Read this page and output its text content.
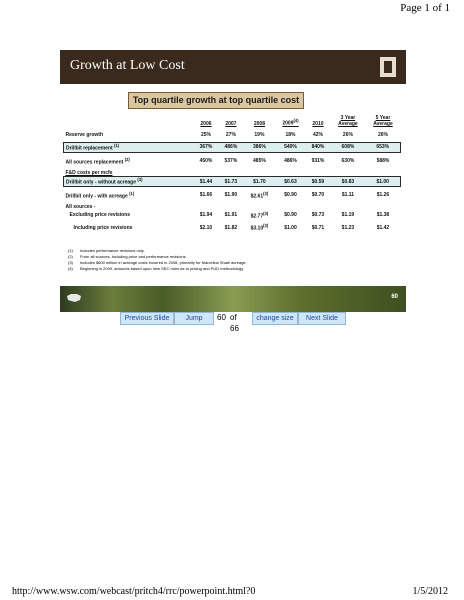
Page 1 of 1
Growth at Low Cost
Top quartile growth at top quartile cost
	2006	2007	2008	2009$^{(4)}$	2010	3 Year
Average	5 Year
Average

Reserve growth	25%	27%	19%	18%	42%	26%	26%

Drillbit replacement $^{(1)}$	367%	486%	386%	540%	840%	608%	653%

All sources replacement $^{(2)}$	450%	537%	485%	486%	931%	630%	588%

F&D costs per mcfe							
Drillbit only - without acreage $^{(3)}$	$1.44	$1.73	$1.70	$0.63	$0.59	$0.83	$1.00

Drillbit only - with acreage $^{(1)}$	$1.66	$1.90	$2.61$^{(3)}$	$0.90	$0.70	$1.11	$1.26

All sources -							
Excluding price revisions	$1.94	$1.91	$2.77$^{(3)}$	$0.90	$0.73	$1.19	$1.38

Including price revisions	$2.10	$1.82	$3.10$^{(3)}$	$1.00	$0.71	$1.23	$1.42
(1)	Includes performance revisions only.
(2)	From all sources, including price and performance revisions.
(3)	Includes $600 million in acreage costs incurred in 2008, primarily for Marcellus Shale acreage.
(4)	Beginning in 2009, amounts based upon new SEC rules as to pricing and PUD methodology.
60
Previous Slide	Jump	60 of 66
change size	Next Slide
http://www.wsw.com/webcast/pritch4/rrc/powerpoint.html?0	1/5/2012
